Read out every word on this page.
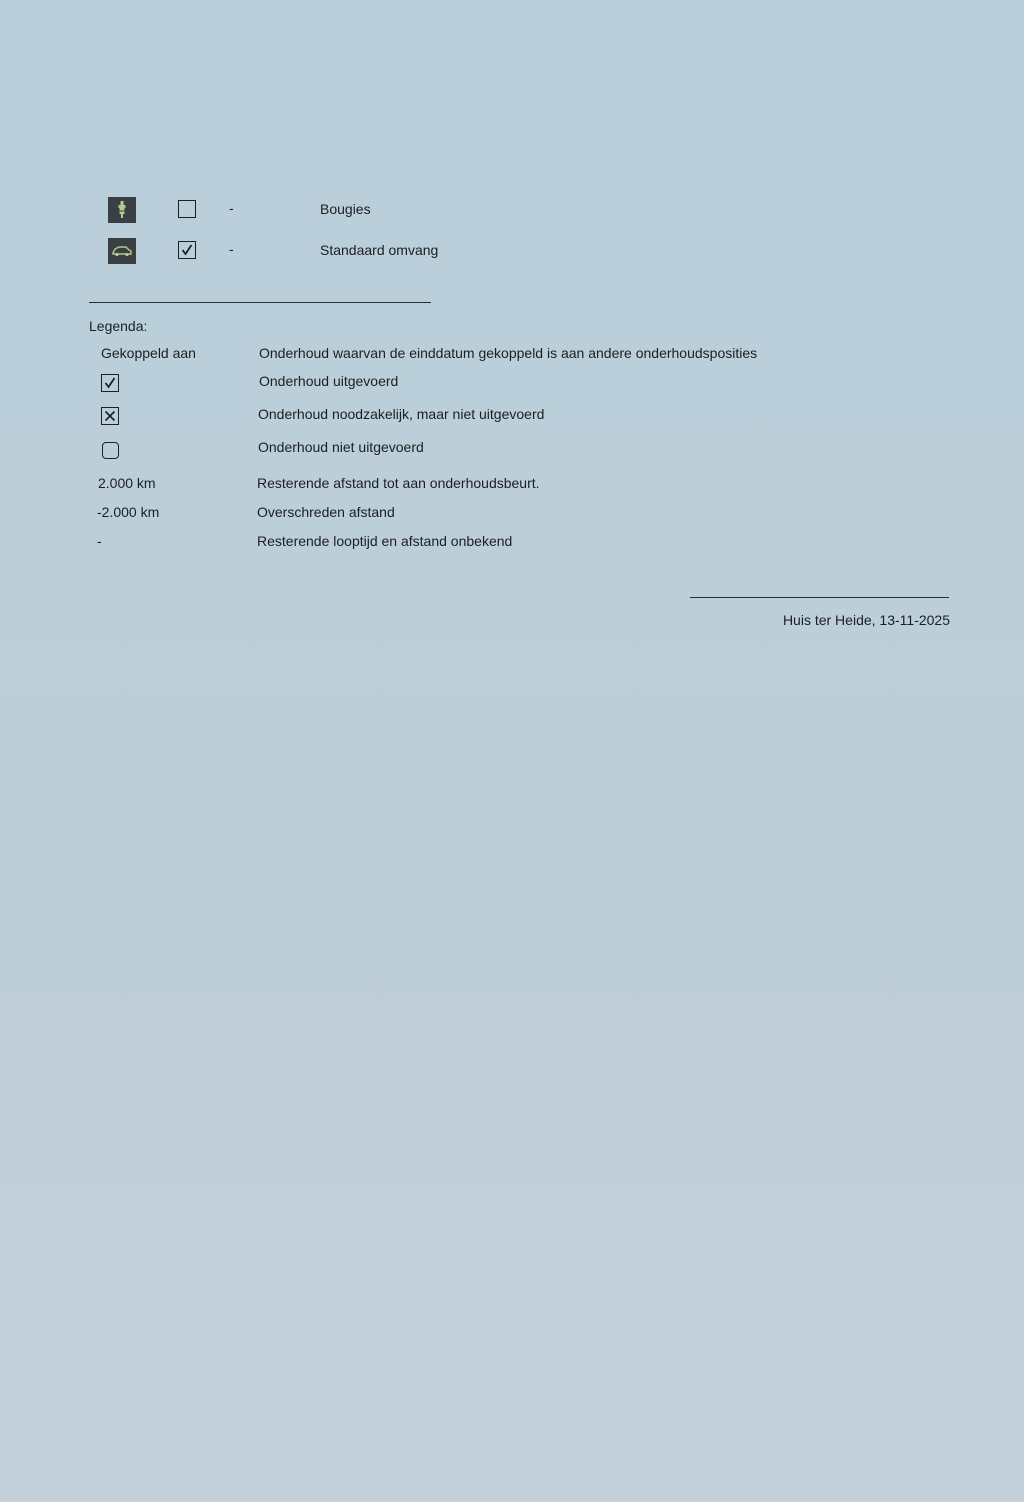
-	Bougies
-	Standaard omvang
Legenda:
Gekoppeld aan	Onderhoud waarvan de einddatum gekoppeld is aan andere onderhoudsposities
Onderhoud uitgevoerd
Onderhoud noodzakelijk, maar niet uitgevoerd
Onderhoud niet uitgevoerd
2.000 km	Resterende afstand tot aan onderhoudsbeurt.
-2.000 km	Overschreden afstand
-	Resterende looptijd en afstand onbekend
Huis ter Heide, 13-11-2025
